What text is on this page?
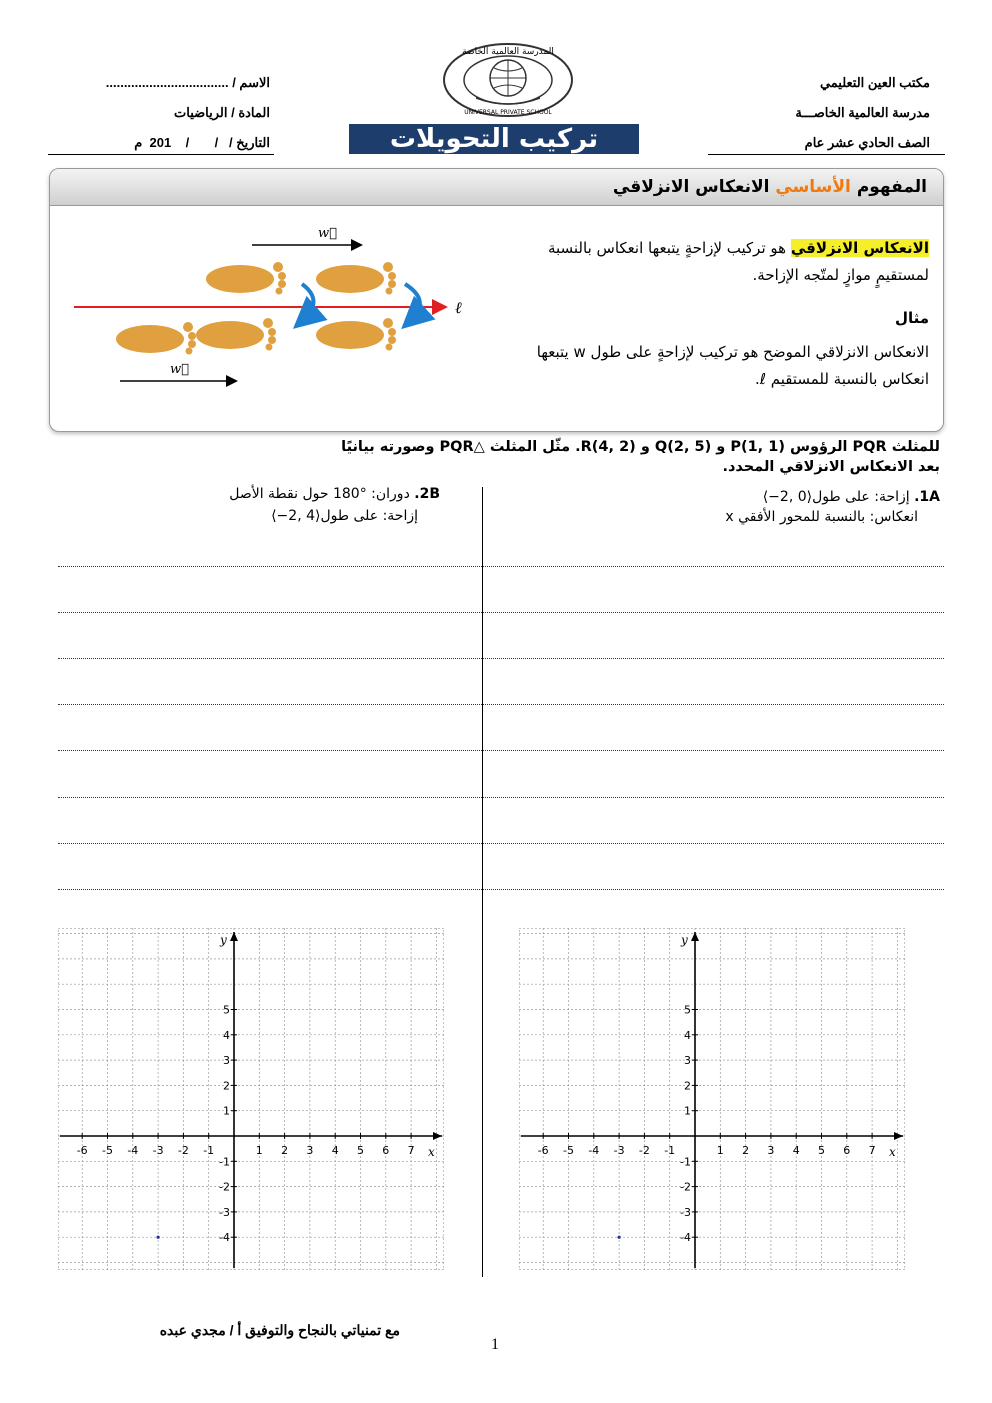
مكتب العين التعليمي
مدرسة العالمية الخاصـــة
الصف الحادي عشر عام
الاسم / ..................................
المادة / الرياضيات
التاريخ /   /       /    201  م
المدرسة العالمية الخاصة
UNIVERSAL PRIVATE SCHOOL
تركيب التحويلات
المفهوم الأساسي الانعكاس الانزلاقي
الانعكاس الانزلاقي هو تركيب لإزاحةٍ يتبعها انعكاس بالنسبة لمستقيمٍ موازٍ لمتّجه الإزاحة.
مثال
الانعكاس الانزلاقي الموضح هو تركيب لإزاحةٍ على طول w يتبعها انعكاس بالنسبة للمستقيم ℓ.
w⃗
w⃗
ℓ
للمثلث PQR الرؤوس P(1, 1) و Q(2, 5) و R(4, 2). مثّل المثلث △PQR وصورته بيانيًا
بعد الانعكاس الانزلاقي المحدد.
1A. إزاحة: على طول⟨0 ,2−⟩
انعكاس: بالنسبة للمحور الأفقي x
2B. دوران: °180 حول نقطة الأصل
إزاحة: على طول⟨4 ,2−⟩
x
y
-6 -5 -4 -3 -2 -1	1 2 3 4 5 6 7
5
4
3
2
1
-1
-2
-3
-4
x
y
-6 -5 -4 -3 -2 -1	1 2 3 4 5 6 7
5
4
3
2
1
-1
-2
-3
-4
مع تمنياتي بالنجاح والتوفيق أ / مجدي عبده
1
